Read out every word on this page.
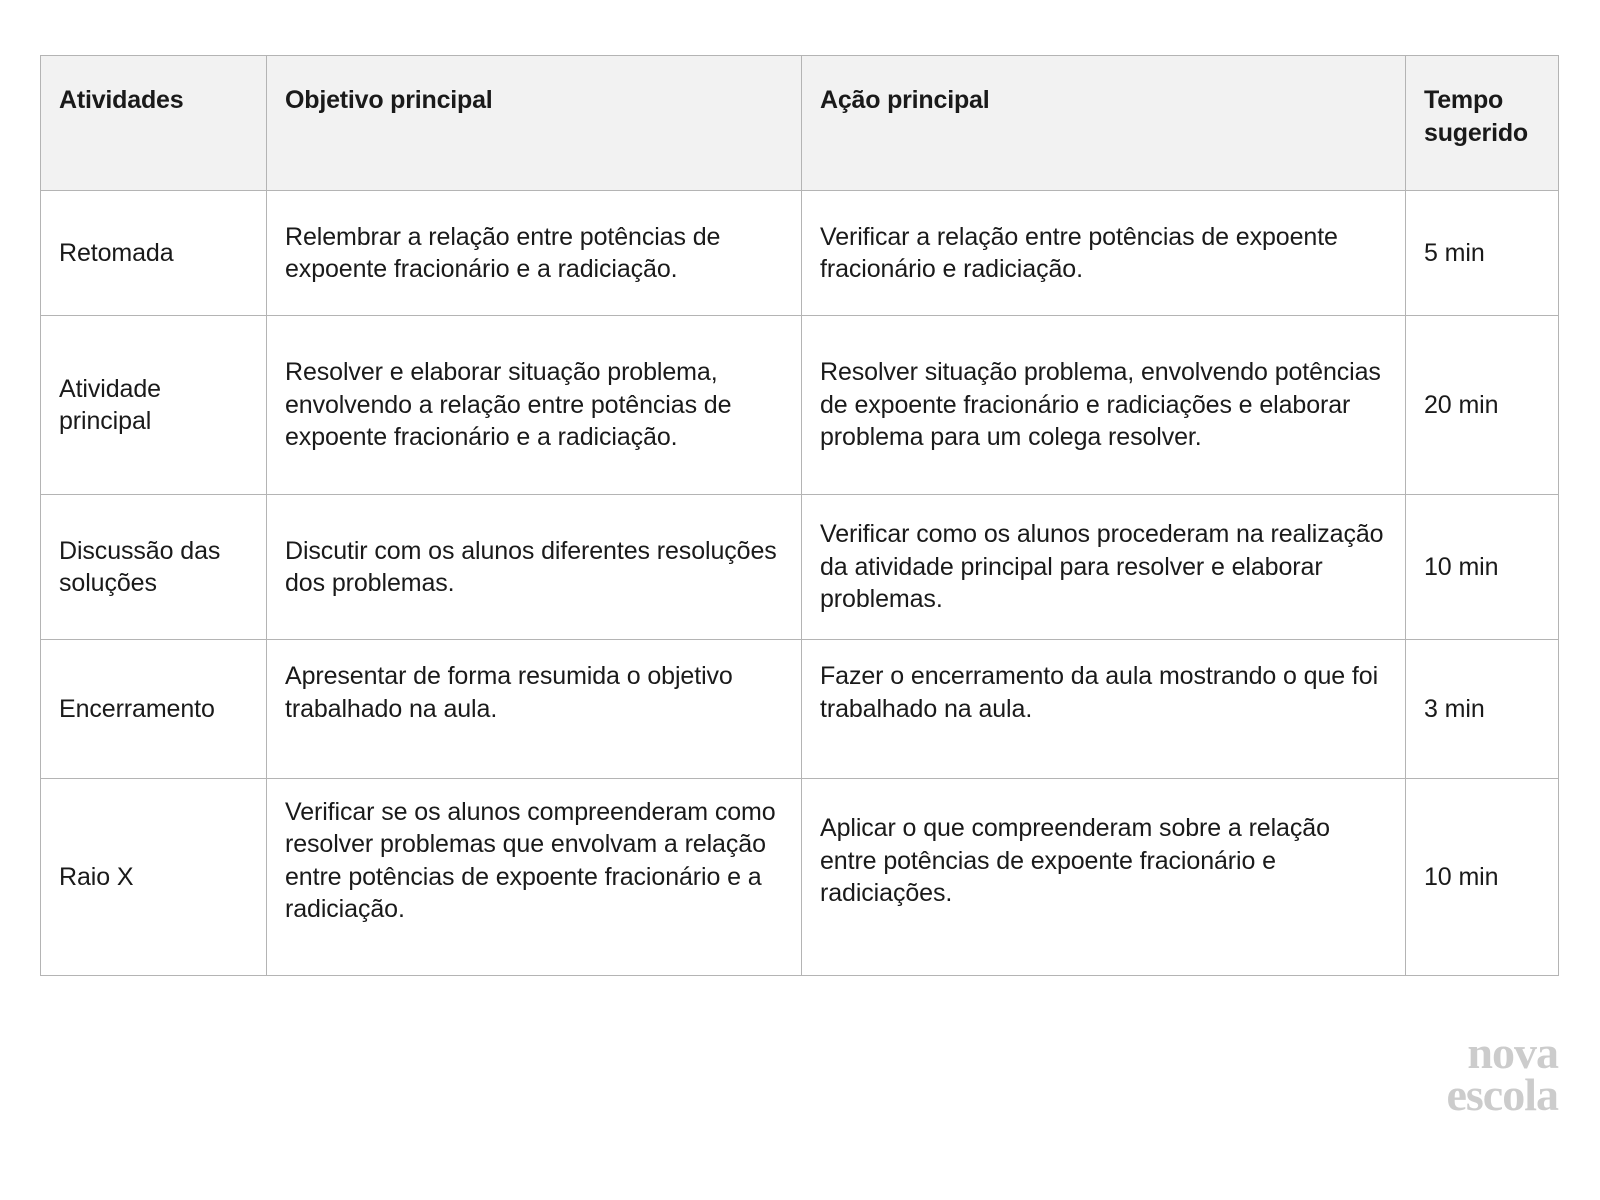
Atividades	Objetivo principal	Ação principal	Tempo sugerido
Retomada	Relembrar a relação entre potências de expoente fracionário e a radiciação.	Verificar a relação entre potências de expoente fracionário e radiciação.	5 min
Atividade principal	Resolver e elaborar situação problema, envolvendo a relação entre potências de expoente fracionário e a radiciação.	Resolver situação problema, envolvendo potências de expoente fracionário e radiciações e elaborar problema para um colega resolver.	20 min
Discussão das soluções	Discutir com os alunos diferentes resoluções dos problemas.	Verificar como os alunos procederam na realização da atividade principal para resolver e elaborar problemas.	10 min
Encerramento	Apresentar de forma resumida o objetivo trabalhado na aula.	Fazer o encerramento da aula mostrando o que foi trabalhado na aula.	3 min
Raio X	Verificar se os alunos compreenderam como resolver problemas que envolvam a relação entre potências de expoente fracionário e a radiciação.	Aplicar o que compreenderam sobre a relação entre potências de expoente fracionário e radiciações.	10 min
nova
escola
